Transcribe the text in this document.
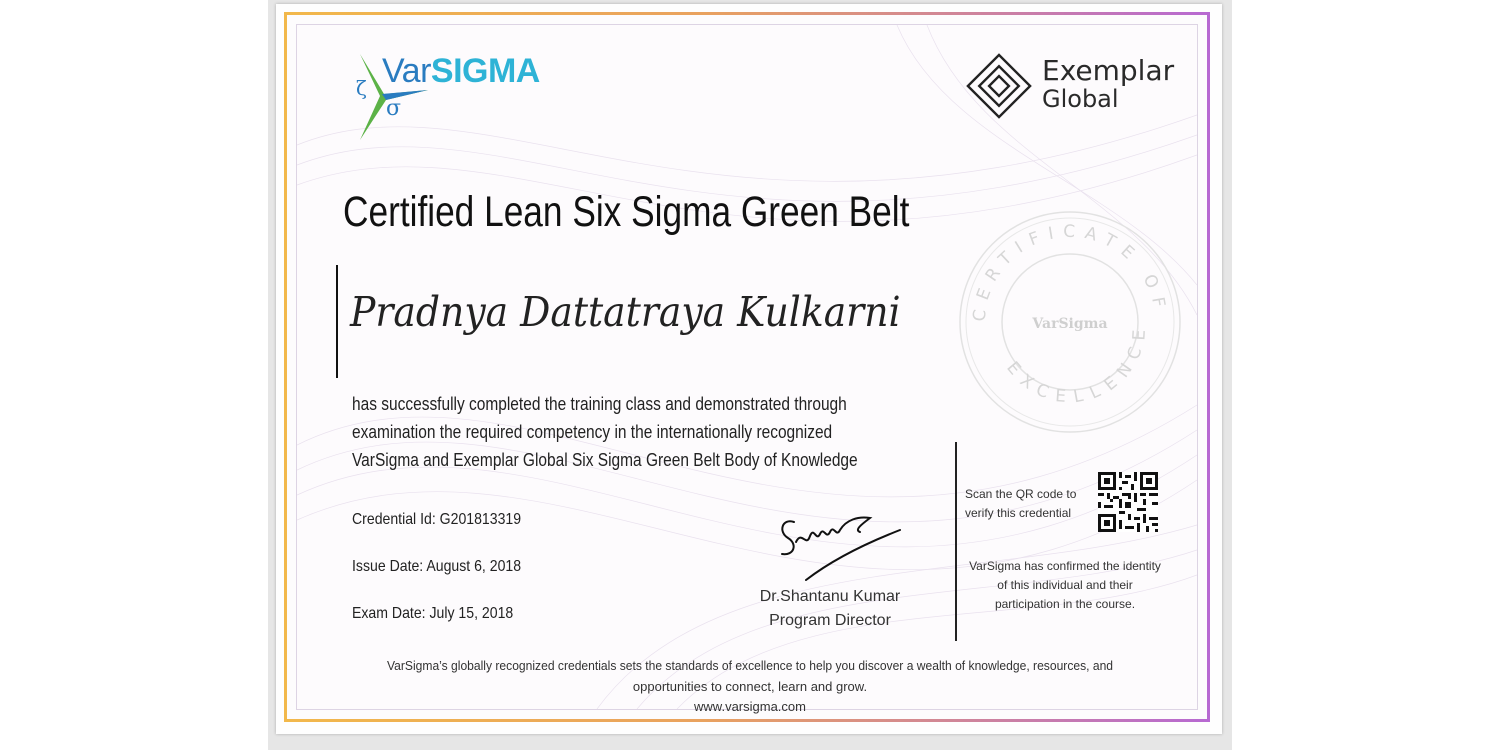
ζ
σ
VarSIGMA	Exemplar
Global
Certified Lean Six Sigma Green Belt
Pradnya Dattatraya Kulkarni
has successfully completed the training class and demonstrated through
examination the required competency in the internationally recognized
VarSigma and Exemplar Global Six Sigma Green Belt Body of Knowledge
Credential Id: G201813319
Issue Date: August 6, 2018
Exam Date: July 15, 2018
Dr.Shantanu Kumar
Program Director
CERTIFICATE OF
EXCELLENCE
VarSigma
Scan the QR code to
verify this credential
VarSigma has confirmed the identity
of this individual and their
participation in the course.
VarSigma’s globally recognized credentials sets the standards of excellence to help you discover a wealth of knowledge, resources, and
opportunities to connect, learn and grow.
www.varsigma.com
